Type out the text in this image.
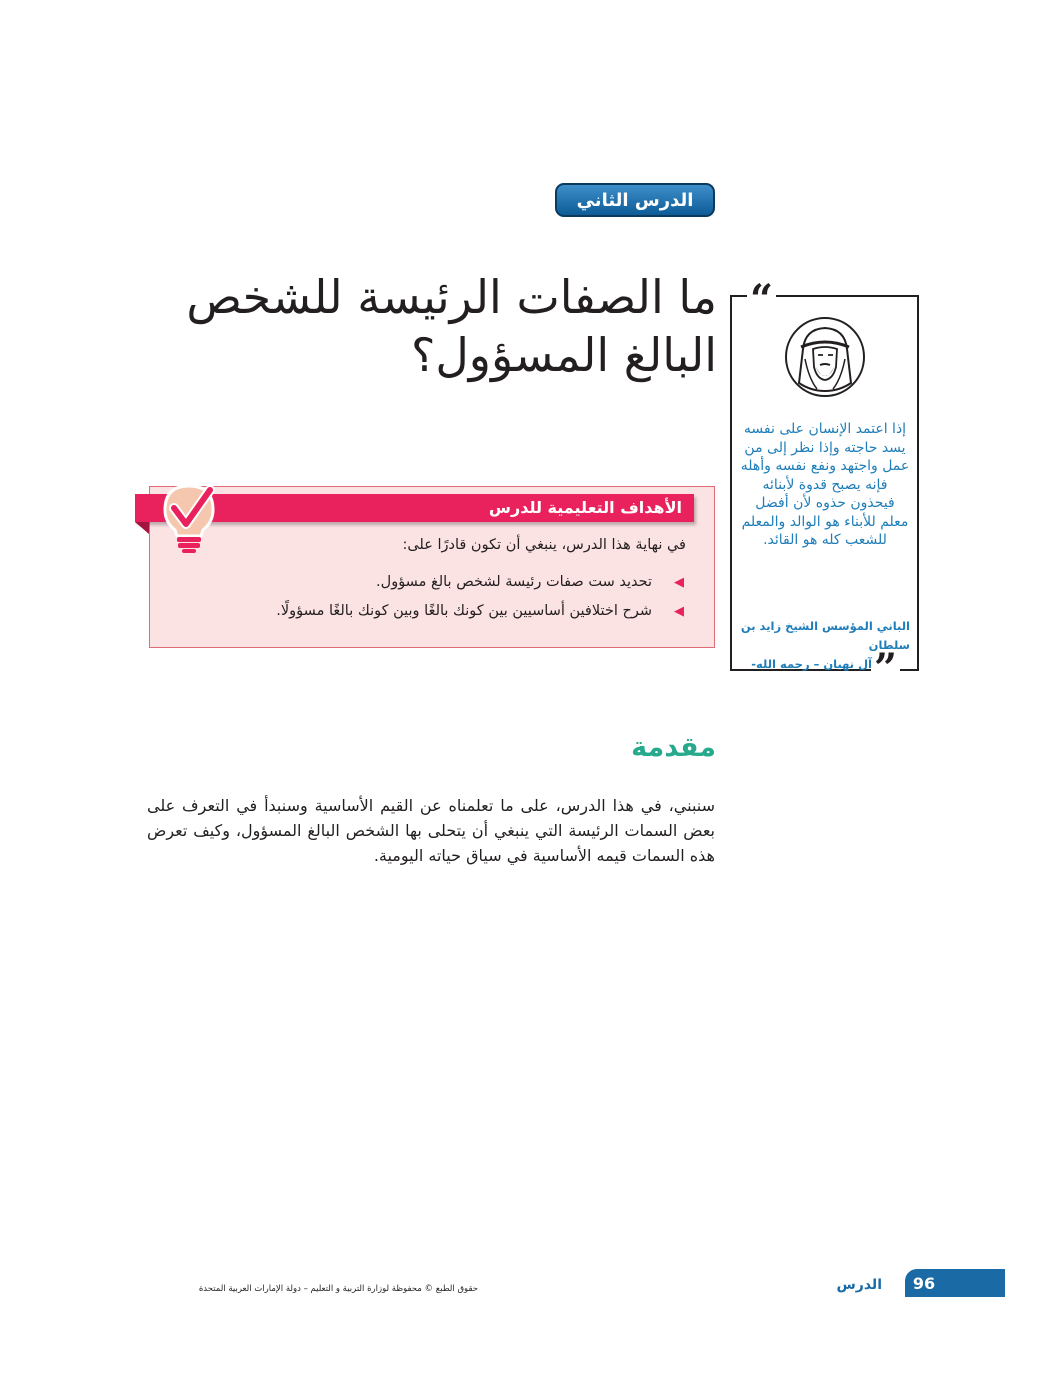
الدرس الثاني
ما الصفات الرئيسة للشخص
البالغ المسؤول؟
“
”
إذا اعتمد الإنسان على نفسه يسد حاجته وإذا نظر إلى من عمل واجتهد ونفع نفسه وأهله فإنه يصبح قدوة لأبنائه فيحذون حذوه لأن أفضل معلم للأبناء هو الوالد والمعلم للشعب كله هو القائد.
الباني المؤسس الشيخ زايد بن سلطان
آل نهيان – رحمه الله-
الأهداف التعليمية للدرس
في نهاية هذا الدرس، ينبغي أن تكون قادرًا على:
◀
تحديد ست صفات رئيسة لشخص بالغ مسؤول.
◀
شرح اختلافين أساسيين بين كونك بالغًا وبين كونك بالغًا مسؤولًا.
مقدمة
سنبني، في هذا الدرس، على ما تعلمناه عن القيم الأساسية وسنبدأ في التعرف على بعض السمات الرئيسة التي ينبغي أن يتحلى بها الشخص البالغ المسؤول، وكيف تعرض هذه السمات قيمه الأساسية في سياق حياته اليومية.
96
الدرس
حقوق الطبع © محفوظة لوزارة التربية و التعليم – دولة الإمارات العربية المتحدة
